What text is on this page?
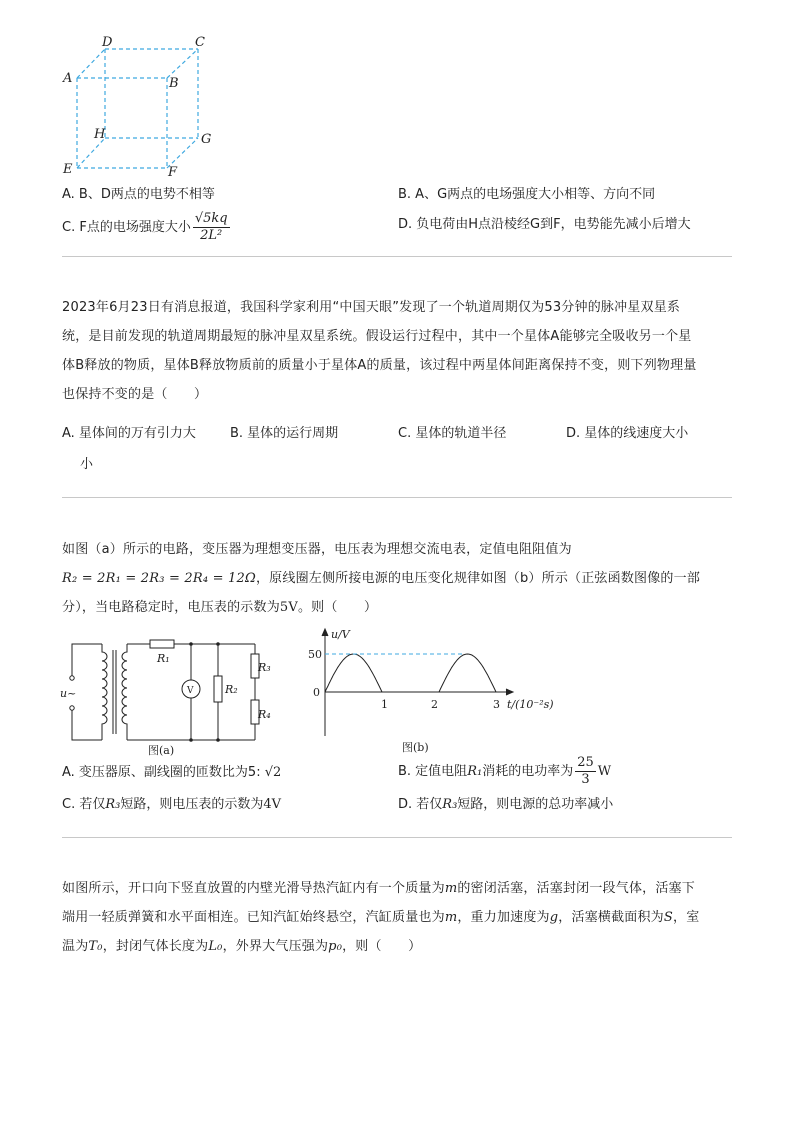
D	C
A	B
H	G
E	F
A. B、D两点的电势不相等	B. A、G两点的电场强度大小相等、方向不同
C. F点的电场强度大小 $\frac{√5kq}{\text{2L²}}$	D. 负电荷由H点沿棱经G到F，电势能先减小后增大
2023年6月23日有消息报道，我国科学家利用“中国天眼”发现了一个轨道周期仅为53分钟的脉冲星双星系
统，是目前发现的轨道周期最短的脉冲星双星系统。假设运行过程中，其中一个星体A能够完全吸收另一个星
体B释放的物质，星体B释放物质前的质量小于星体A的质量，该过程中两星体间距离保持不变，则下列物理量
也保持不变的是（　　）
A. 星体间的万有引力大
小
B. 星体的运行周期	C. 星体的轨道半径	D. 星体的线速度大小
如图（a）所示的电路，变压器为理想变压器，电压表为理想交流电表，定值电阻阻值为
R₂ = 2R₁ = 2R₃ = 2R₄ = 12Ω，原线圈左侧所接电源的电压变化规律如图（b）所示（正弦函数图像的一部
分），当电路稳定时，电压表的示数为5V。则（　　）
u~
R₁
V	R₂
R₃
R₄
图(a)
u/V
50
0
1	2	3 t/(10⁻²s)
图(b)
A. 变压器原、副线圈的匝数比为5: √2	B. 定值电阻R₁消耗的电功率为 $\frac{25}{3}$ W
C. 若仅R₃短路，则电压表的示数为4V	D. 若仅R₃短路，则电源的总功率减小
如图所示，开口向下竖直放置的内壁光滑导热汽缸内有一个质量为m的密闭活塞，活塞封闭一段气体，活塞下
端用一轻质弹簧和水平面相连。已知汽缸始终悬空，汽缸质量也为m，重力加速度为g，活塞横截面积为S，室
温为T₀，封闭气体长度为L₀，外界大气压强为p₀，则（　　）
